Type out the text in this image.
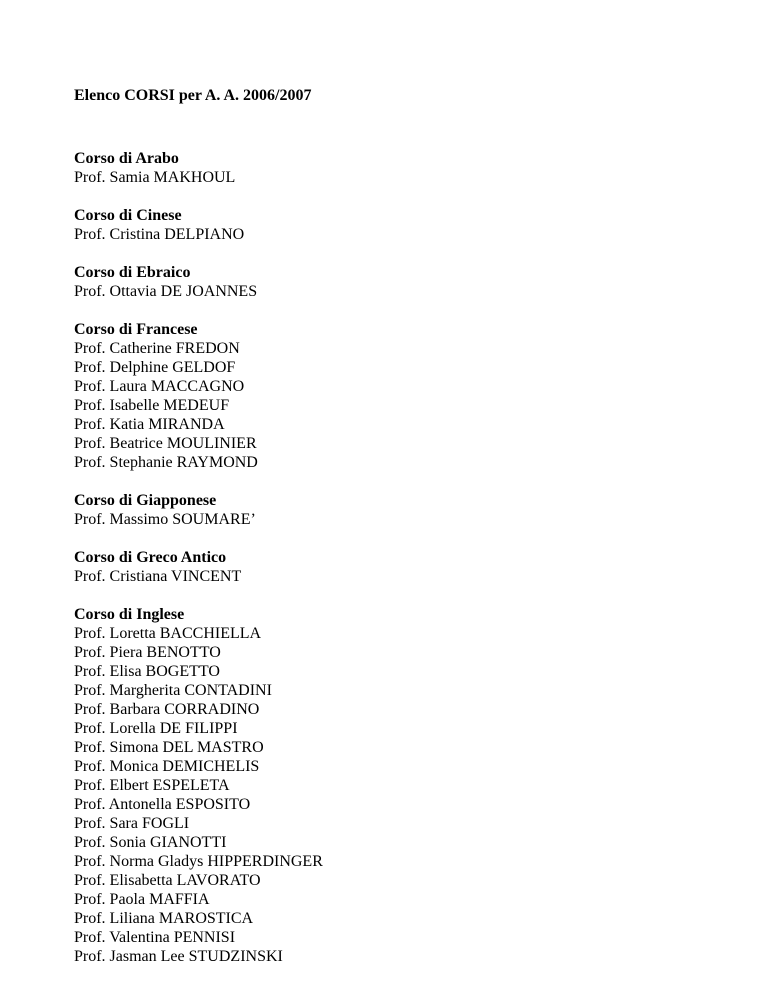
Elenco CORSI per A. A. 2006/2007
Corso di Arabo
Prof. Samia MAKHOUL
Corso di Cinese
Prof. Cristina DELPIANO
Corso di Ebraico
Prof. Ottavia DE JOANNES
Corso di Francese
Prof. Catherine FREDON
Prof. Delphine GELDOF
Prof. Laura MACCAGNO
Prof. Isabelle MEDEUF
Prof. Katia MIRANDA
Prof. Beatrice MOULINIER
Prof. Stephanie RAYMOND
Corso di Giapponese
Prof. Massimo SOUMARE’
Corso di Greco Antico
Prof. Cristiana VINCENT
Corso di Inglese
Prof. Loretta BACCHIELLA
Prof. Piera BENOTTO
Prof. Elisa BOGETTO
Prof. Margherita CONTADINI
Prof. Barbara CORRADINO
Prof. Lorella DE FILIPPI
Prof. Simona DEL MASTRO
Prof. Monica DEMICHELIS
Prof. Elbert ESPELETA
Prof. Antonella ESPOSITO
Prof. Sara FOGLI
Prof. Sonia GIANOTTI
Prof. Norma Gladys HIPPERDINGER
Prof. Elisabetta LAVORATO
Prof. Paola MAFFIA
Prof. Liliana MAROSTICA
Prof. Valentina PENNISI
Prof. Jasman Lee STUDZINSKI
